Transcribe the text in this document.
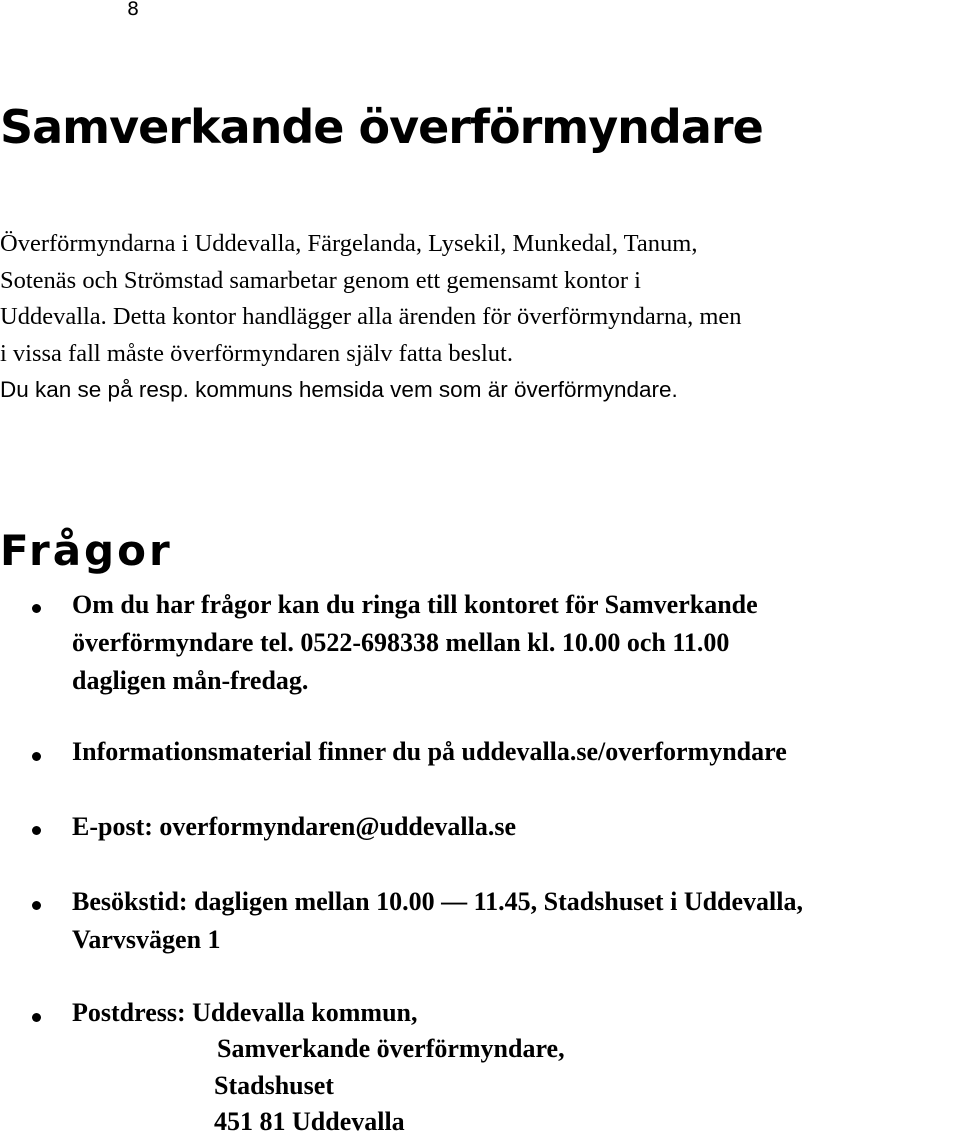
8
Samverkande överförmyndare

Överförmyndarna i Uddevalla, Färgelanda, Lysekil, Munkedal, Tanum,
Sotenäs och Strömstad samarbetar genom ett gemensamt kontor i
Uddevalla. Detta kontor handlägger alla ärenden för överförmyndarna, men
i vissa fall måste överförmyndaren själv fatta beslut.

Du kan se på resp. kommuns hemsida vem som är överförmyndare.

Frågor

Om du har frågor kan du ringa till kontoret för Samverkande
överförmyndare tel. 0522-698338 mellan kl. 10.00 och 11.00
dagligen mån-fredag.

Informationsmaterial finner du på uddevalla.se/overformyndare

E-post: overformyndaren@uddevalla.se

Besökstid: dagligen mellan 10.00 — 11.45, Stadshuset i Uddevalla,
Varvsvägen 1

Postdress: Uddevalla kommun,

Samverkande överförmyndare,

Stadshuset

451 81 Uddevalla
